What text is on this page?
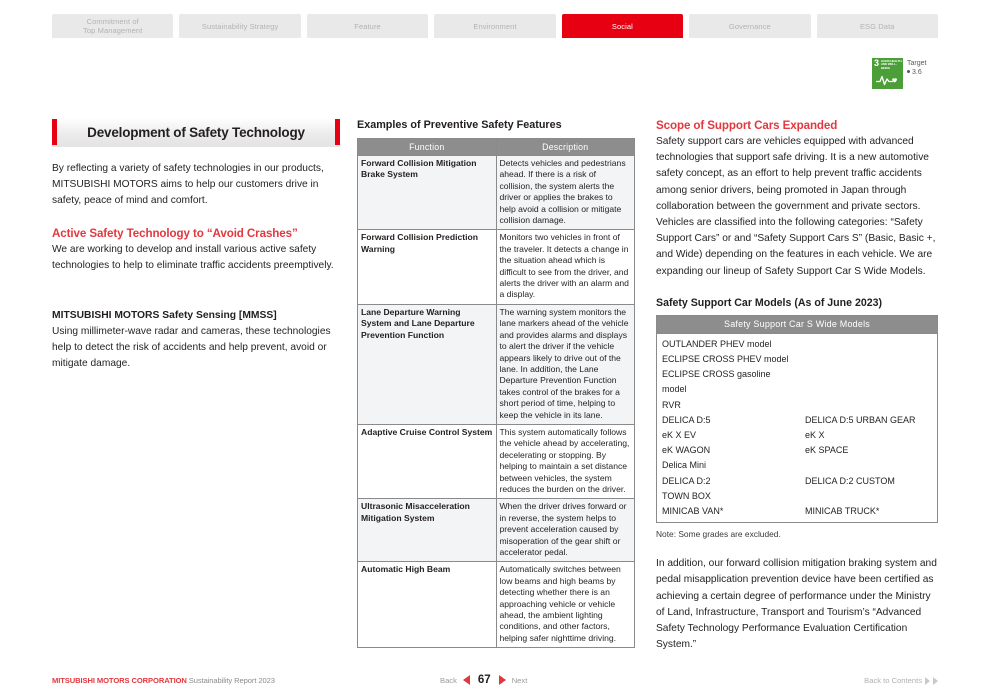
Commitment of
Top Management	Sustainability Strategy	Feature	Environment	Social	Governance	ESG Data
3 GOOD HEALTH AND WELL-BEING
Target
3.6
Development of Safety Technology

By reflecting a variety of safety technologies in our products, MITSUBISHI MOTORS aims to help our customers drive in safety, peace of mind and comfort.

Active Safety Technology to “Avoid Crashes”

We are working to develop and install various active safety technologies to help to eliminate traffic accidents preemptively.

MITSUBISHI MOTORS Safety Sensing [MMSS]

Using millimeter-wave radar and cameras, these technologies help to detect the risk of accidents and help prevent, avoid or mitigate damage.

Examples of Preventive Safety Features
Function	Description
Forward Collision Mitigation Brake System	Detects vehicles and pedestrians ahead. If there is a risk of collision, the system alerts the driver or applies the brakes to help avoid a collision or mitigate collision damage.
Forward Collision Prediction Warning	Monitors two vehicles in front of the traveler. It detects a change in the situation ahead which is difficult to see from the driver, and alerts the driver with an alarm and a display.
Lane Departure Warning System and Lane Departure Prevention Function	The warning system monitors the lane markers ahead of the vehicle and provides alarms and displays to alert the driver if the vehicle appears likely to drive out of the lane. In addition, the Lane Departure Prevention Function takes control of the brakes for a short period of time, helping to keep the vehicle in its lane.
Adaptive Cruise Control System	This system automatically follows the vehicle ahead by accelerating, decelerating or stopping. By helping to maintain a set distance between vehicles, the system reduces the burden on the driver.
Ultrasonic Misacceleration Mitigation System	When the driver drives forward or in reverse, the system helps to prevent acceleration caused by misoperation of the gear shift or accelerator pedal.
Automatic High Beam	Automatically switches between low beams and high beams by detecting whether there is an approaching vehicle or vehicle ahead, the ambient lighting conditions, and other factors, helping safer nighttime driving.
Scope of Support Cars Expanded

Safety support cars are vehicles equipped with advanced technologies that support safe driving. It is a new automotive safety concept, as an effort to help prevent traffic accidents among senior drivers, being promoted in Japan through collaboration between the government and private sectors. Vehicles are classified into the following categories: “Safety Support Cars” or and “Safety Support Cars S” (Basic, Basic +, and Wide) depending on the features in each vehicle. We are expanding our lineup of Safety Support Car S Wide Models.

Safety Support Car Models (As of June 2023)
Safety Support Car S Wide Models	
OUTLANDER PHEV model	
ECLIPSE CROSS PHEV model	
ECLIPSE CROSS gasoline model	
RVR	
DELICA D:5	DELICA D:5 URBAN GEAR
eK X EV	eK X
eK WAGON	eK SPACE
Delica Mini	
DELICA D:2	DELICA D:2 CUSTOM
TOWN BOX	
MINICAB VAN*	MINICAB TRUCK*

Note: Some grades are excluded.

In addition, our forward collision mitigation braking system and pedal misapplication prevention device have been certified as achieving a certain degree of performance under the Ministry of Land, Infrastructure, Transport and Tourism’s “Advanced Safety Technology Performance Evaluation Certification System.”

MITSUBISHI MOTORS CORPORATION Sustainability Report 2023	Back 67	Next	Back to Contents
